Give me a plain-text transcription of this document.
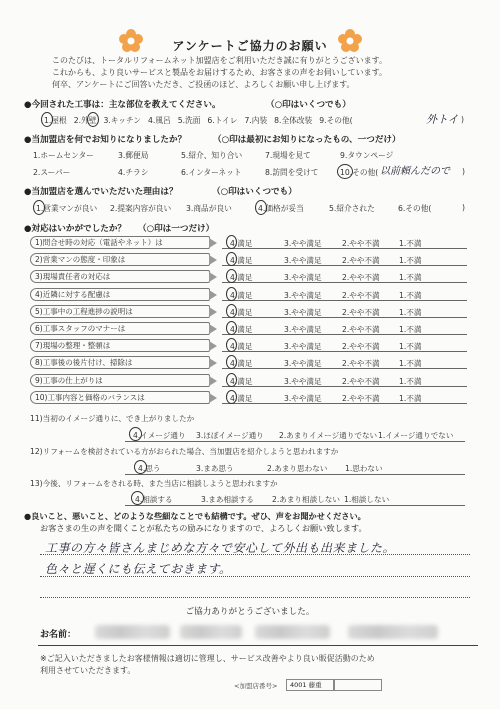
アンケートご協力のお願い
このたびは、トータルリフォームネット加盟店をご利用いただき誠に有りがとうございます。
これからも、より良いサービスと製品をお届けするため、お客さまの声をお伺いしています。
何卒、アンケートにご回答いただき、ご投函のほど、よろしくお願い申し上げます。
●今回された工事は：主な部位を教えてください。	（○印はいくつでも）
1.屋根 2.外壁 3.キッチン 4.風呂 5.洗面 6.トイレ 7.内装 8.全体改装 9.その他(	外トイ )
●当加盟店を何でお知りになりましたか？	（○印は最初にお知りになったもの、一つだけ）
1.ホームセンター	3.郵便局	5.紹介、知り合い	7.現場を見て	9.タウンページ
2.スーパー	4.チラシ	6.インターネット	8.訪問を受けて	10.その他( 以前頼んだので )
●当加盟店を選んでいただいた理由は？	（○印はいくつでも）
1.営業マンが良い 2.提案内容が良い 3.商品が良い	4.価格が妥当	5.紹介された	6.その他(	)
●対応はいかがでしたか？ （○印は一つだけ）
1)問合せ時の対応（電話やネット）は	4.満足	3.やや満足	2.やや不満	1.不満
2)営業マンの態度・印象は	4.満足	3.やや満足	2.やや不満	1.不満
3)現場責任者の対応は	4.満足	3.やや満足	2.やや不満	1.不満
4)近隣に対する配慮は	4.満足	3.やや満足	2.やや不満	1.不満
5)工事中の工程進捗の説明は	4.満足	3.やや満足	2.やや不満	1.不満
6)工事スタッフのマナーは	4.満足	3.やや満足	2.やや不満	1.不満
7)現場の整理・整頓は	4.満足	3.やや満足	2.やや不満	1.不満
8)工事後の後片付け、掃除は	4.満足	3.やや満足	2.やや不満	1.不満
9)工事の仕上がりは	4.満足	3.やや満足	2.やや不満	1.不満
10)工事内容と価格のバランスは	4.満足	3.やや満足	2.やや不満	1.不満
11)当初のイメージ通りに、でき上がりましたか
4.イメージ通り 3.ほぼイメージ通り 2.あまりイメージ通りでない 1.イメージ通りでない
12)リフォームを検討されている方がおられた場合、当加盟店を紹介しようと思われますか
4.思う	3.まあ思う	2.あまり思わない 1.思わない
13)今後、リフォームをされる時、また当店に相談しようと思われますか
4.相談する	3.まあ相談する 2.あまり相談しない 1.相談しない
●良いこと、悪いこと、どのような些細なことでも結構です。ぜひ、声をお聞かせください。
お客さまの生の声を聞くことが私たちの励みになりますので、よろしくお願い致します。
工事の方々皆さんまじめな方々で安心して外出も出来ました。
色々と遅くにも伝えておきます。
ご協力ありがとうございました。
お名前：
※ご記入いただきましたお客様情報は適切に管理し、サービス改善やより良い販促活動のため
利用させていただきます。
<加盟店番号>	4001 藤重
